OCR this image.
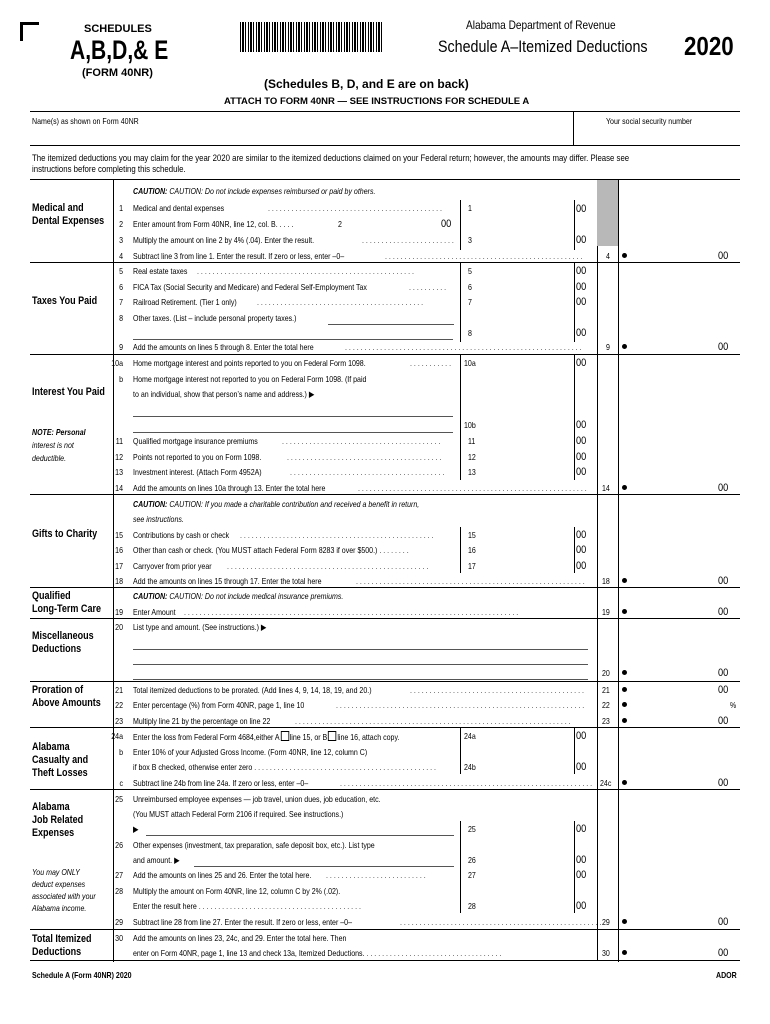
SCHEDULES
A,B,D,& E
(FORM 40NR)
Alabama Department of Revenue
Schedule A–Itemized Deductions 2020
(Schedules B, D, and E are on back)
ATTACH TO FORM 40NR — SEE INSTRUCTIONS FOR SCHEDULE A
Name(s) as shown on Form 40NR	Your social security number
The itemized deductions you may claim for the year 2020 are similar to the itemized deductions claimed on your Federal return; however, the amounts may differ. Please see
instructions before completing this schedule.
Medical and
Dental Expenses
CAUTION: CAUTION: Do not include expenses reimbursed or paid by others.
1 Medical and dental expenses	. . . . . . . . . . . . . . . . . . . . . . . . . . . . . . . . . . . . . . . . . . . . .	1	00
2 Enter amount from Form 40NR, line 12, col. B. . . . .	2	00
3 Multiply the amount on line 2 by 4% (.04). Enter the result.	. . . . . . . . . . . . . . . . . . . . . . . . 3	00
4 Subtract line 3 from line 1. Enter the result. If zero or less, enter –0–	. . . . . . . . . . . . . . . . . . . . . . . . . . . . . . . . . . . . . . . . . . . . . . . . . . .	4	00
Taxes You Paid
5 Real estate taxes . . . . . . . . . . . . . . . . . . . . . . . . . . . . . . . . . . . . . . . . . . . . . . . . . . . . . . . .	5	00
6 FICA Tax (Social Security and Medicare) and Federal Self-Employment Tax	. . . . . . . . . .	6	00
7 Railroad Retirement. (Tier 1 only) . . . . . . . . . . . . . . . . . . . . . . . . . . . . . . . . . . . . . . . . . . .	7	00
8 Other taxes. (List – include personal property taxes.)
8	00
9 Add the amounts on lines 5 through 8. Enter the total here	. . . . . . . . . . . . . . . . . . . . . . . . . . . . . . . . . . . . . . . . . . . . . . . . . . . . . . . . . . . . .	9	00
Interest You Paid
NOTE: Personal
interest is not
deductible.
10a Home mortgage interest and points reported to you on Federal Form 1098.	. . . . . . . . . . . 10a	00
b Home mortgage interest not reported to you on Federal Form 1098. (If paid
to an individual, show that person’s name and address.) ▶
10b	00
11 Qualified mortgage insurance premiums	. . . . . . . . . . . . . . . . . . . . . . . . . . . . . . . . . . . . . . . . .	11	00
12 Points not reported to you on Form 1098.	. . . . . . . . . . . . . . . . . . . . . . . . . . . . . . . . . . . . . . . .	12	00
13 Investment interest. (Attach Form 4952A)	. . . . . . . . . . . . . . . . . . . . . . . . . . . . . . . . . . . . . . . .	13	00
14 Add the amounts on lines 10a through 13. Enter the total here	. . . . . . . . . . . . . . . . . . . . . . . . . . . . . . . . . . . . . . . . . . . . . . . . . . . . . . . . . . . 14	00
Gifts to Charity
CAUTION: CAUTION: If you made a charitable contribution and received a benefit in return,
see instructions.
15 Contributions by cash or check . . . . . . . . . . . . . . . . . . . . . . . . . . . . . . . . . . . . . . . . . . . . . . . . . .	15	00
16 Other than cash or check. (You MUST attach Federal Form 8283 if over $500.) . . . . . . . .	16	00
17 Carryover from prior year . . . . . . . . . . . . . . . . . . . . . . . . . . . . . . . . . . . . . . . . . . . . . . . . . . . .	17	00
18 Add the amounts on lines 15 through 17. Enter the total here	. . . . . . . . . . . . . . . . . . . . . . . . . . . . . . . . . . . . . . . . . . . . . . . . . . . . . . . . . . . 18	00
Qualified
Long-Term Care
CAUTION: CAUTION: Do not include medical insurance premiums.
19 Enter Amount . . . . . . . . . . . . . . . . . . . . . . . . . . . . . . . . . . . . . . . . . . . . . . . . . . . . . . . . . . . . . . . . . . . . . . . . . . . . . . . . . . . . . .	19	00
Miscellaneous
Deductions
20 List type and amount. (See instructions.) ▶
20	00
Proration of
Above Amounts
21 Total itemized deductions to be prorated. (Add lines 4, 9, 14, 18, 19, and 20.)	. . . . . . . . . . . . . . . . . . . . . . . . . . . . . . . . . . . . . . . . . . . . . 21	00
22 Enter percentage (%) from Form 40NR, page 1, line 10	. . . . . . . . . . . . . . . . . . . . . . . . . . . . . . . . . . . . . . . . . . . . . . . . . . . . . . . . . . . . . . . . 22	%
23 Multiply line 21 by the percentage on line 22	. . . . . . . . . . . . . . . . . . . . . . . . . . . . . . . . . . . . . . . . . . . . . . . . . . . . . . . . . . . . . . . . . . . . . . .	23	00
Alabama
Casualty and
Theft Losses
24a Enter the loss from Federal Form 4684,either A line 15, or B line 16, attach copy.	24a	00
b Enter 10% of your Adjusted Gross Income. (Form 40NR, line 12, column C)
if box B checked, otherwise enter zero . . . . . . . . . . . . . . . . . . . . . . . . . . . . . . . . . . . . . . . . . . . . . . .	24b	00
c Subtract line 24b from line 24a. If zero or less, enter –0–	. . . . . . . . . . . . . . . . . . . . . . . . . . . . . . . . . . . . . . . . . . . . . . . . . . . . . . . . . . . . . . . . . 24c	00
Alabama
Job Related
Expenses
You may ONLY
deduct expenses
associated with your
Alabama income.
25 Unreimbursed employee expenses — job travel, union dues, job education, etc.
(You MUST attach Federal Form 2106 if required. See instructions.)
▶	25	00
26 Other expenses (investment, tax preparation, safe deposit box, etc.). List type
and amount. ▶	26	00
27 Add the amounts on lines 25 and 26. Enter the total here. . . . . . . . . . . . . . . . . . . . . . . . . . .	27	00
28 Multiply the amount on Form 40NR, line 12, column C by 2% (.02).
Enter the result here . . . . . . . . . . . . . . . . . . . . . . . . . . . . . . . . . . . . . . . . . .	28	00
29 Subtract line 28 from line 27. Enter the result. If zero or less, enter –0–	. . . . . . . . . . . . . . . . . . . . . . . . . . . . . . . . . . . . . . . . . . . . . . . . . . . . 29	00
Total Itemized
Deductions
30 Add the amounts on lines 23, 24c, and 29. Enter the total here. Then
enter on Form 40NR, page 1, line 13 and check 13a, Itemized Deductions. . . . . . . . . . . . . . . . . . . . . . . . . . . . . . . . . . . .	30	00
Schedule A (Form 40NR) 2020	ADOR
